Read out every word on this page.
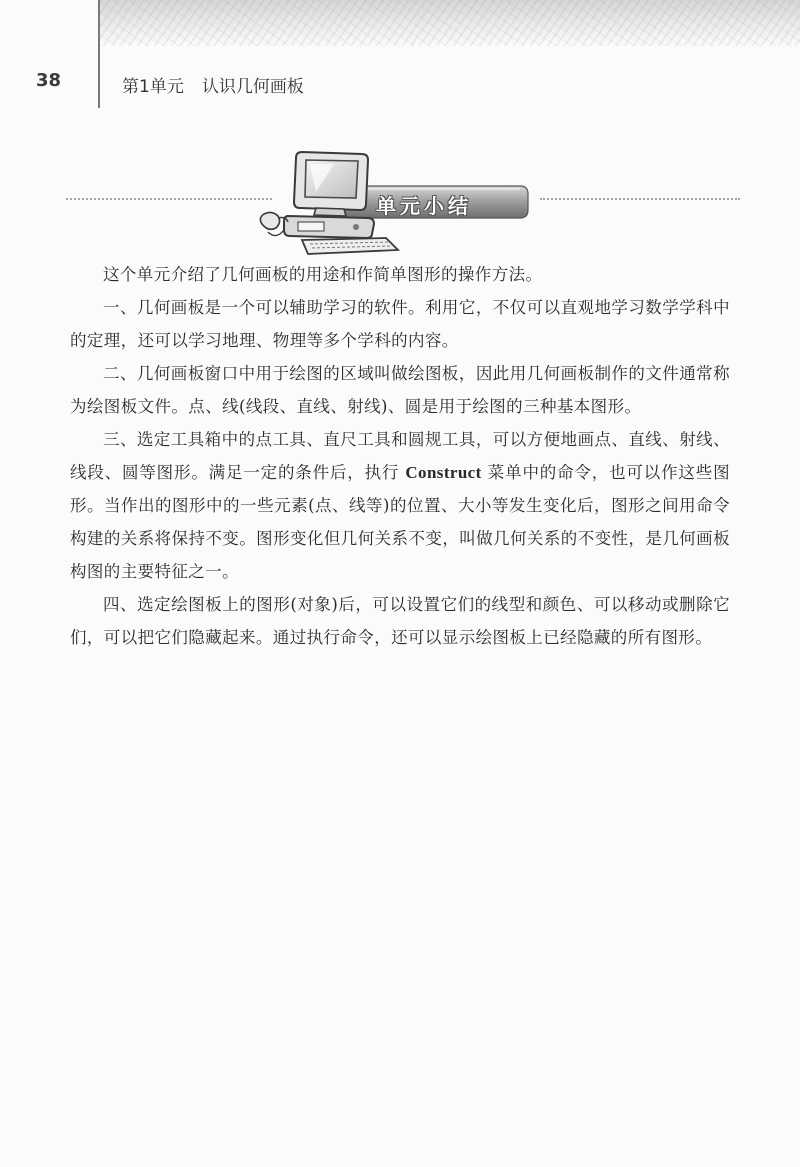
38	第1单元 认识几何画板
单元小结

这个单元介绍了几何画板的用途和作简单图形的操作方法。

一、几何画板是一个可以辅助学习的软件。利用它，不仅可以直观地学习数学学科中的定理，还可以学习地理、物理等多个学科的内容。

二、几何画板窗口中用于绘图的区域叫做绘图板，因此用几何画板制作的文件通常称为绘图板文件。点、线(线段、直线、射线)、圆是用于绘图的三种基本图形。

三、选定工具箱中的点工具、直尺工具和圆规工具，可以方便地画点、直线、射线、线段、圆等图形。满足一定的条件后，执行 Construct 菜单中的命令，也可以作这些图形。当作出的图形中的一些元素(点、线等)的位置、大小等发生变化后，图形之间用命令构建的关系将保持不变。图形变化但几何关系不变，叫做几何关系的不变性，是几何画板构图的主要特征之一。

四、选定绘图板上的图形(对象)后，可以设置它们的线型和颜色、可以移动或删除它们，可以把它们隐藏起来。通过执行命令，还可以显示绘图板上已经隐藏的所有图形。
